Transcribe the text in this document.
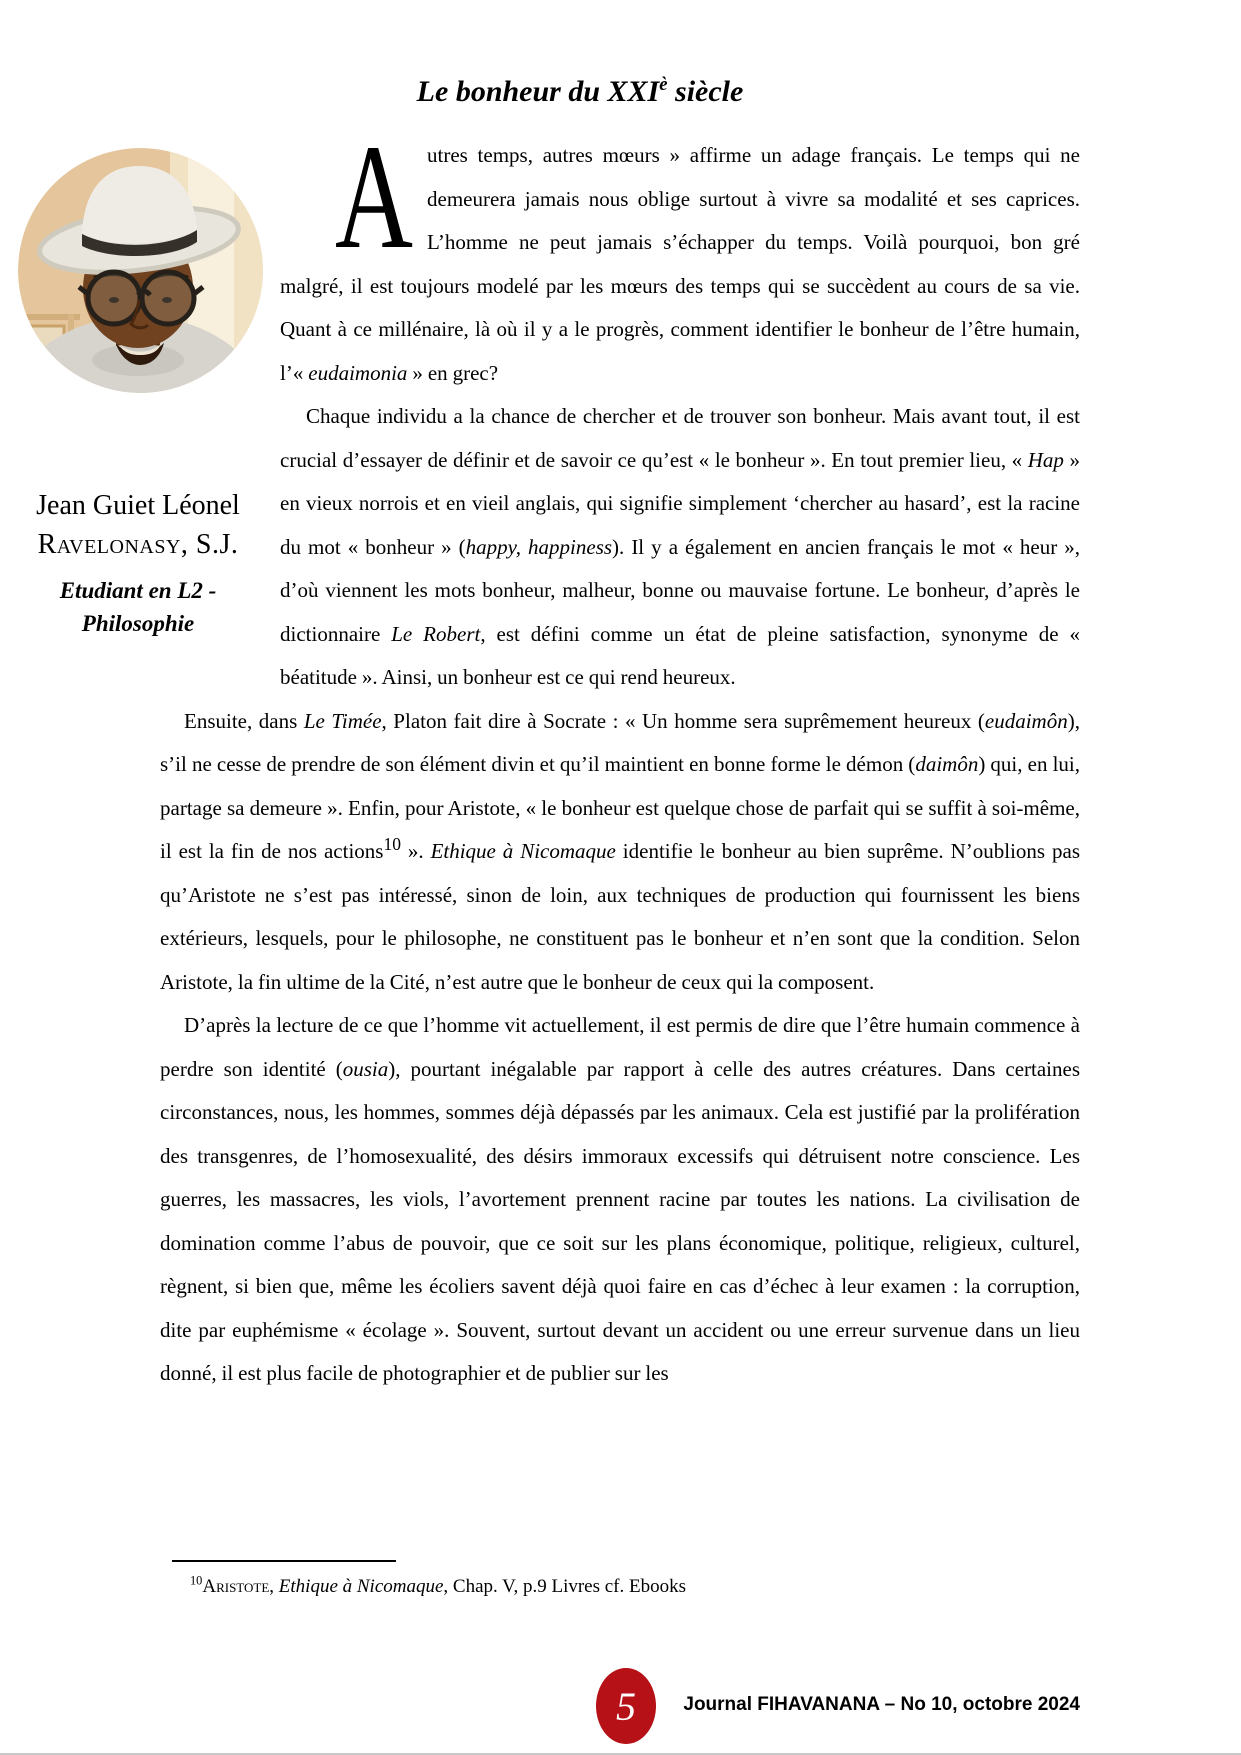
Le bonheur du $XXI^è$ siècle
Jean Guiet Léonel
Ravelonasy, S.J.
Etudiant en L2 -
Philosophie

Autres temps, autres mœurs » affirme un adage français. Le temps qui ne demeurera jamais nous oblige surtout à vivre sa modalité et ses caprices. L’homme ne peut jamais s’échapper du temps. Voilà pourquoi, bon gré malgré, il est toujours modelé par les mœurs des temps qui se succèdent au cours de sa vie. Quant à ce millénaire, là où il y a le progrès, comment identifier le bonheur de l’être humain, l’« eudaimonia » en grec?

Chaque individu a la chance de chercher et de trouver son bonheur. Mais avant tout, il est crucial d’essayer de définir et de savoir ce qu’est « le bonheur ». En tout premier lieu, « Hap » en vieux norrois et en vieil anglais, qui signifie simplement ‘chercher au hasard’, est la racine du mot « bonheur » (happy, happiness). Il y a également en ancien français le mot « heur », d’où viennent les mots bonheur, malheur, bonne ou mauvaise fortune. Le bonheur, d’après le dictionnaire Le Robert, est défini comme un état de pleine satisfaction, synonyme de « béatitude ». Ainsi, un bonheur est ce qui rend heureux.

Ensuite, dans Le Timée, Platon fait dire à Socrate : « Un homme sera suprêmement heureux (eudaimôn), s’il ne cesse de prendre de son élément divin et qu’il maintient en bonne forme le démon (daimôn) qui, en lui, partage sa demeure ». Enfin, pour Aristote, « le bonheur est quelque chose de parfait qui se suffit à soi-même, il est la fin de nos actions$^{10}$ ». Ethique à Nicomaque identifie le bonheur au bien suprême. N’oublions pas qu’Aristote ne s’est pas intéressé, sinon de loin, aux techniques de production qui fournissent les biens extérieurs, lesquels, pour le philosophe, ne constituent pas le bonheur et n’en sont que la condition. Selon Aristote, la fin ultime de la Cité, n’est autre que le bonheur de ceux qui la composent.

D’après la lecture de ce que l’homme vit actuellement, il est permis de dire que l’être humain commence à perdre son identité (ousia), pourtant inégalable par rapport à celle des autres créatures. Dans certaines circonstances, nous, les hommes, sommes déjà dépassés par les animaux. Cela est justifié par la prolifération des transgenres, de l’homosexualité, des désirs immoraux excessifs qui détruisent notre conscience. Les guerres, les massacres, les viols, l’avortement prennent racine par toutes les nations. La civilisation de domination comme l’abus de pouvoir, que ce soit sur les plans économique, politique, religieux, culturel, règnent, si bien que, même les écoliers savent déjà quoi faire en cas d’échec à leur examen : la corruption, dite par euphémisme « écolage ». Souvent, surtout devant un accident ou une erreur survenue dans un lieu donné, il est plus facile de photographier et de publier sur les

$^{10}$Aristote, Ethique à Nicomaque, Chap. V, p.9 Livres cf. Ebooks

5 Journal FIHAVANANA – No 10, octobre 2024
